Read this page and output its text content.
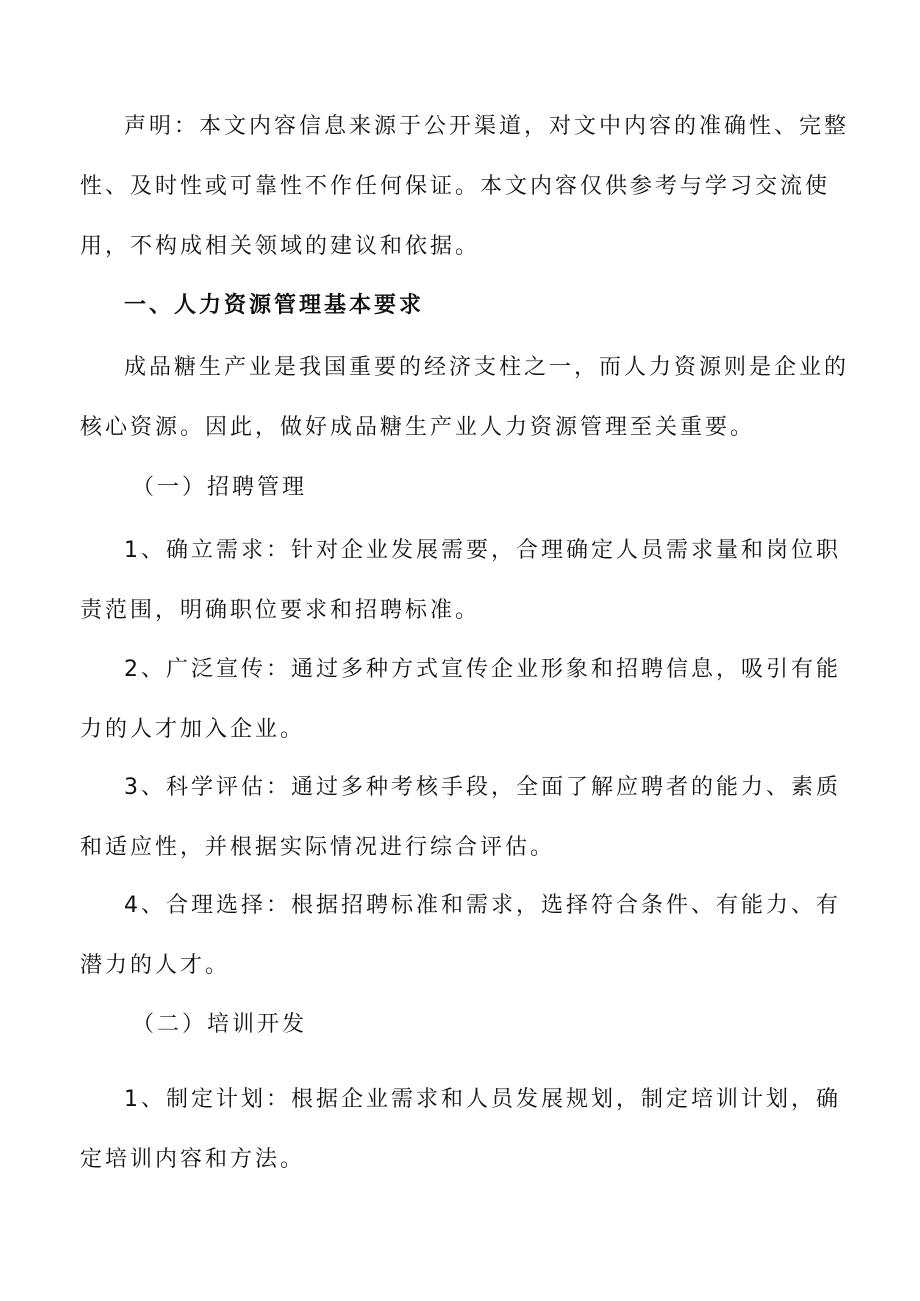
声明：本文内容信息来源于公开渠道，对文中内容的准确性、完整性、及时性或可靠性不作任何保证。本文内容仅供参考与学习交流使用，不构成相关领域的建议和依据。

一、人力资源管理基本要求

成品糖生产业是我国重要的经济支柱之一，而人力资源则是企业的核心资源。因此，做好成品糖生产业人力资源管理至关重要。

（一）招聘管理

1、确立需求：针对企业发展需要，合理确定人员需求量和岗位职责范围，明确职位要求和招聘标准。

2、广泛宣传：通过多种方式宣传企业形象和招聘信息，吸引有能力的人才加入企业。

3、科学评估：通过多种考核手段，全面了解应聘者的能力、素质和适应性，并根据实际情况进行综合评估。

4、合理选择：根据招聘标准和需求，选择符合条件、有能力、有潜力的人才。

（二）培训开发

1、制定计划：根据企业需求和人员发展规划，制定培训计划，确

定培训内容和方法。
